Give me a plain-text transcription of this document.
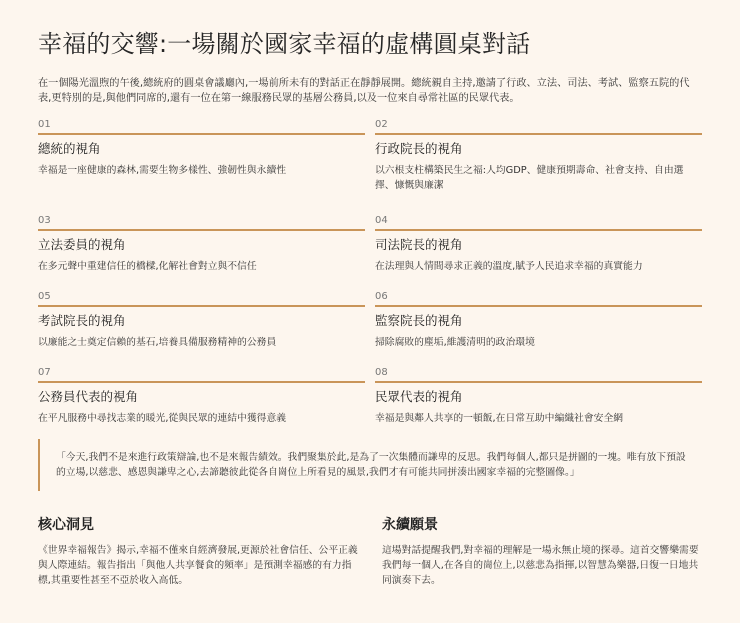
幸福的交響:一場關於國家幸福的虛構圓桌對話

在一個陽光溫煦的午後,總統府的圓桌會議廳內,一場前所未有的對話正在靜靜展開。總統親自主持,邀請了行政、立法、司法、考試、監察五院的代表,更特別的是,與他們同席的,還有一位在第一線服務民眾的基層公務員,以及一位來自尋常社區的民眾代表。

01
總統的視角
幸福是一座健康的森林,需要生物多樣性、強韌性與永續性
02
行政院長的視角
以六根支柱構築民生之福:人均GDP、健康預期壽命、社會支持、自由選擇、慷慨與廉潔
03
立法委員的視角
在多元聲中重建信任的橋樑,化解社會對立與不信任
04
司法院長的視角
在法理與人情間尋求正義的溫度,賦予人民追求幸福的真實能力
05
考試院長的視角
以廉能之士奠定信賴的基石,培養具備服務精神的公務員
06
監察院長的視角
掃除腐敗的塵垢,維護清明的政治環境
07
公務員代表的視角
在平凡服務中尋找志業的暖光,從與民眾的連結中獲得意義
08
民眾代表的視角
幸福是與鄰人共享的一頓飯,在日常互助中編織社會安全網

「今天,我們不是來進行政策辯論,也不是來報告績效。我們聚集於此,是為了一次集體而謙卑的反思。我們每個人,都只是拼圖的一塊。唯有放下預設的立場,以慈悲、感恩與謙卑之心,去諦聽彼此從各自崗位上所看見的風景,我們才有可能共同拼湊出國家幸福的完整圖像。」

核心洞見

《世界幸福報告》揭示,幸福不僅來自經濟發展,更源於社會信任、公平正義與人際連結。報告指出「與他人共享餐食的頻率」是預測幸福感的有力指標,其重要性甚至不亞於收入高低。

永續願景

這場對話提醒我們,對幸福的理解是一場永無止境的探尋。這首交響樂需要我們每一個人,在各自的崗位上,以慈悲為指揮,以智慧為樂器,日復一日地共同演奏下去。
